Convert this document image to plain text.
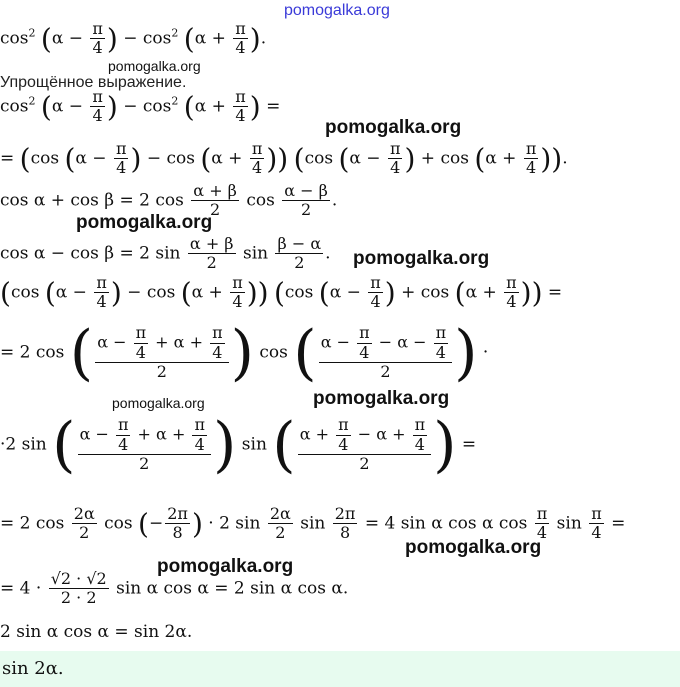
pomogalka.org
pomogalka.org
pomogalka.org
pomogalka.org
pomogalka.org
pomogalka.org	pomogalka.org
pomogalka.org
pomogalka.org
$\cos^2 (\alpha - \frac{\pi}{4}$ ) − $\cos^2 (\alpha + \frac{\pi}{4}$ ).
Упрощённое выражение.
$\cos^2 (\alpha - \frac{\pi}{4}$ ) − $\cos^2 (\alpha + \frac{\pi}{4}$ ) =
= (cos ($\alpha - \frac{\pi}{4}$ ) − $\cos (\alpha + \frac{\pi}{4}$ )) (cos ($\alpha - \frac{\pi}{4}$ ) + $\cos (\alpha + \frac{\pi}{4}$ )).
cos α + cos β = 2 $\cos \frac{\alpha + \beta}{2}$ $\cos \frac{\alpha - \beta}{2}$ .
cos α − cos β = 2 $\sin \frac{\alpha + \beta}{2}$ $\sin \frac{\beta - \alpha}{2}$ .
(cos ($\alpha - \frac{\pi}{4}$ ) − $\cos (\alpha + \frac{\pi}{4}$ )) (cos ($\alpha - \frac{\pi}{4}$ ) + $\cos (\alpha + \frac{\pi}{4}$ )) =
= 2 cos ( $\frac{\alpha - \frac{\pi}{4} + \alpha + \frac{\pi}{4}}{2}$ ) cos ( $\frac{\alpha - \frac{\pi}{4} - \alpha - \frac{\pi}{4}}{2}$ ) ·
·2 sin ( $\frac{\alpha - \frac{\pi}{4} + \alpha + \frac{\pi}{4}}{2}$ ) sin ( $\frac{\alpha + \frac{\pi}{4} - \alpha + \frac{\pi}{4}}{2}$ ) =
= 2 $\cos \frac{2\alpha}{2}$ cos (− $\frac{2\pi}{8}$ ) · 2 $\sin \frac{2\alpha}{2}$ $\sin \frac{2\pi}{8} = 4$ sin α cos α $\cos \frac{\pi}{4}$ $\sin \frac{\pi}{4}$ =
= $4 \cdot \frac{√2 \cdot √2}{2 \cdot 2}$ sin α cos α = 2 sin α cos α.
2 sin α cos α = sin 2α.
sin 2α.
